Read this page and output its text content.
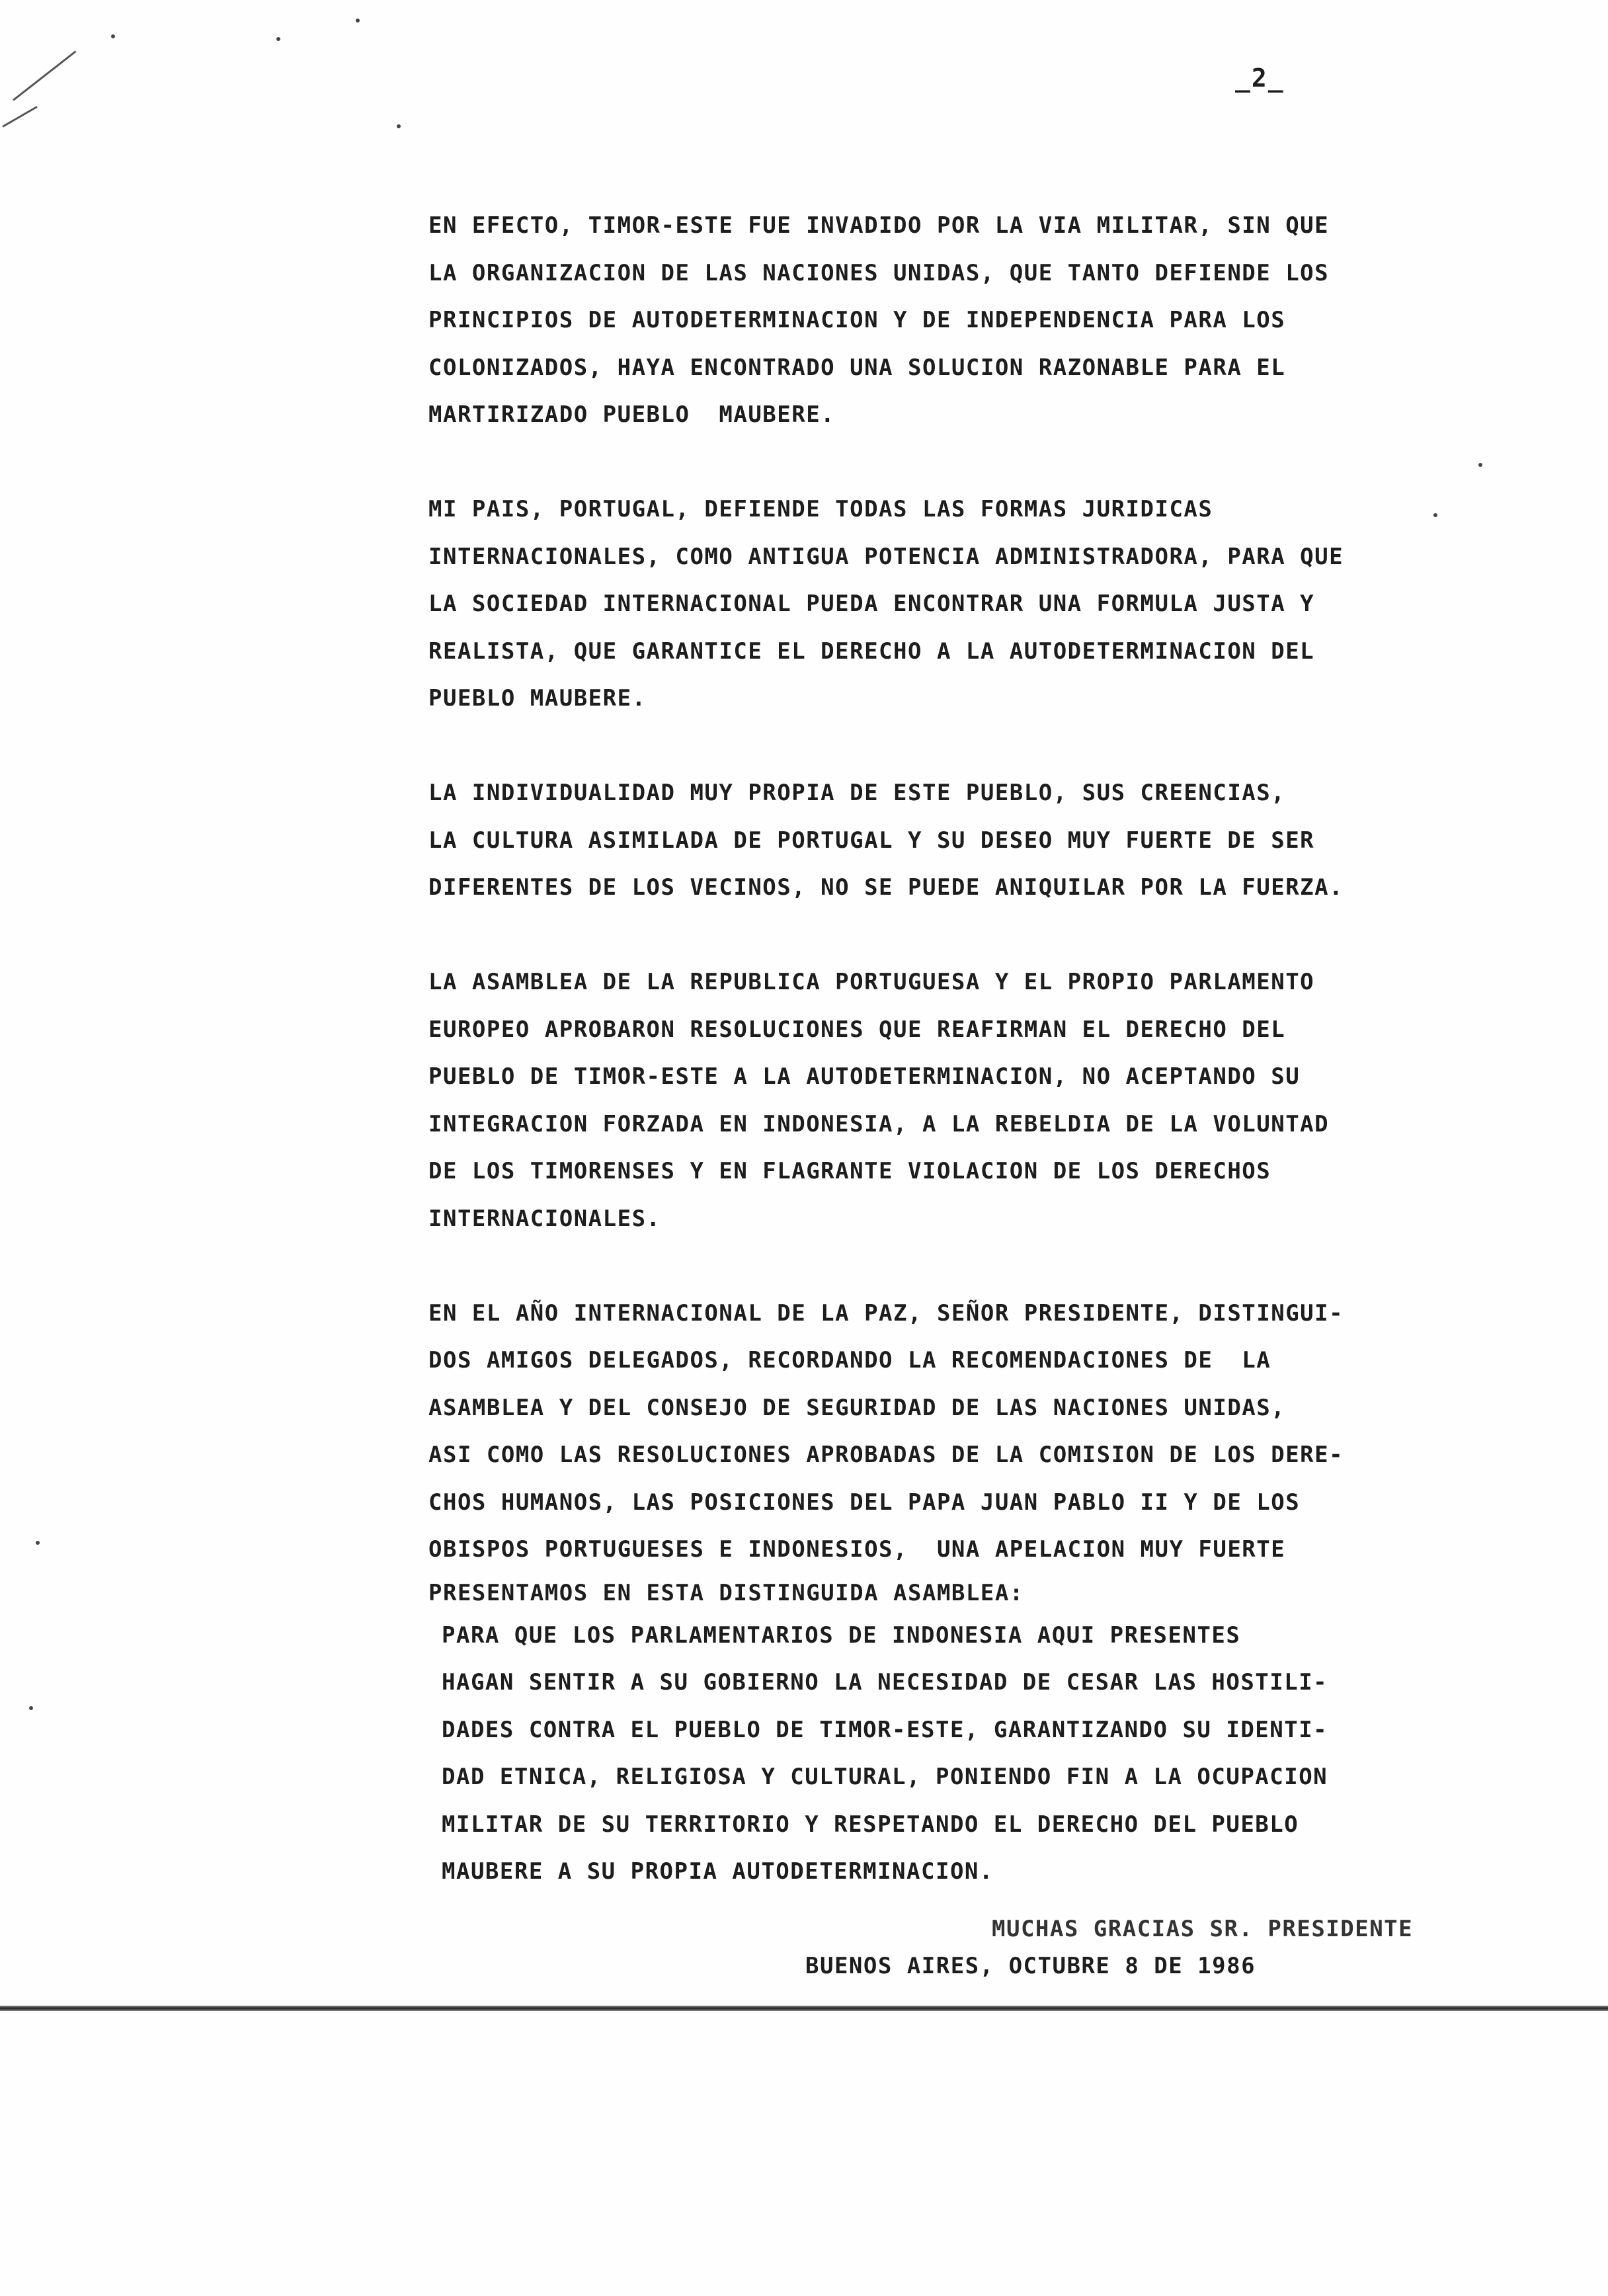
_2_
EN EFECTO, TIMOR-ESTE FUE INVADIDO POR LA VIA MILITAR, SIN QUE
LA ORGANIZACION DE LAS NACIONES UNIDAS, QUE TANTO DEFIENDE LOS
PRINCIPIOS DE AUTODETERMINACION Y DE INDEPENDENCIA PARA LOS
COLONIZADOS, HAYA ENCONTRADO UNA SOLUCION RAZONABLE PARA EL
MARTIRIZADO PUEBLO  MAUBERE.
MI PAIS, PORTUGAL, DEFIENDE TODAS LAS FORMAS JURIDICAS
INTERNACIONALES, COMO ANTIGUA POTENCIA ADMINISTRADORA, PARA QUE
LA SOCIEDAD INTERNACIONAL PUEDA ENCONTRAR UNA FORMULA JUSTA Y
REALISTA, QUE GARANTICE EL DERECHO A LA AUTODETERMINACION DEL
PUEBLO MAUBERE.
LA INDIVIDUALIDAD MUY PROPIA DE ESTE PUEBLO, SUS CREENCIAS,
LA CULTURA ASIMILADA DE PORTUGAL Y SU DESEO MUY FUERTE DE SER
DIFERENTES DE LOS VECINOS, NO SE PUEDE ANIQUILAR POR LA FUERZA.
LA ASAMBLEA DE LA REPUBLICA PORTUGUESA Y EL PROPIO PARLAMENTO
EUROPEO APROBARON RESOLUCIONES QUE REAFIRMAN EL DERECHO DEL
PUEBLO DE TIMOR-ESTE A LA AUTODETERMINACION, NO ACEPTANDO SU
INTEGRACION FORZADA EN INDONESIA, A LA REBELDIA DE LA VOLUNTAD
DE LOS TIMORENSES Y EN FLAGRANTE VIOLACION DE LOS DERECHOS
INTERNACIONALES.
EN EL AÑO INTERNACIONAL DE LA PAZ, SEÑOR PRESIDENTE, DISTINGUI-
DOS AMIGOS DELEGADOS, RECORDANDO LA RECOMENDACIONES DE  LA
ASAMBLEA Y DEL CONSEJO DE SEGURIDAD DE LAS NACIONES UNIDAS,
ASI COMO LAS RESOLUCIONES APROBADAS DE LA COMISION DE LOS DERE-
CHOS HUMANOS, LAS POSICIONES DEL PAPA JUAN PABLO II Y DE LOS
OBISPOS PORTUGUESES E INDONESIOS,  UNA APELACION MUY FUERTE
PRESENTAMOS EN ESTA DISTINGUIDA ASAMBLEA:
PARA QUE LOS PARLAMENTARIOS DE INDONESIA AQUI PRESENTES
HAGAN SENTIR A SU GOBIERNO LA NECESIDAD DE CESAR LAS HOSTILI-
DADES CONTRA EL PUEBLO DE TIMOR-ESTE, GARANTIZANDO SU IDENTI-
DAD ETNICA, RELIGIOSA Y CULTURAL, PONIENDO FIN A LA OCUPACION
MILITAR DE SU TERRITORIO Y RESPETANDO EL DERECHO DEL PUEBLO
MAUBERE A SU PROPIA AUTODETERMINACION.
MUCHAS GRACIAS SR. PRESIDENTE
BUENOS AIRES, OCTUBRE 8 DE 1986
